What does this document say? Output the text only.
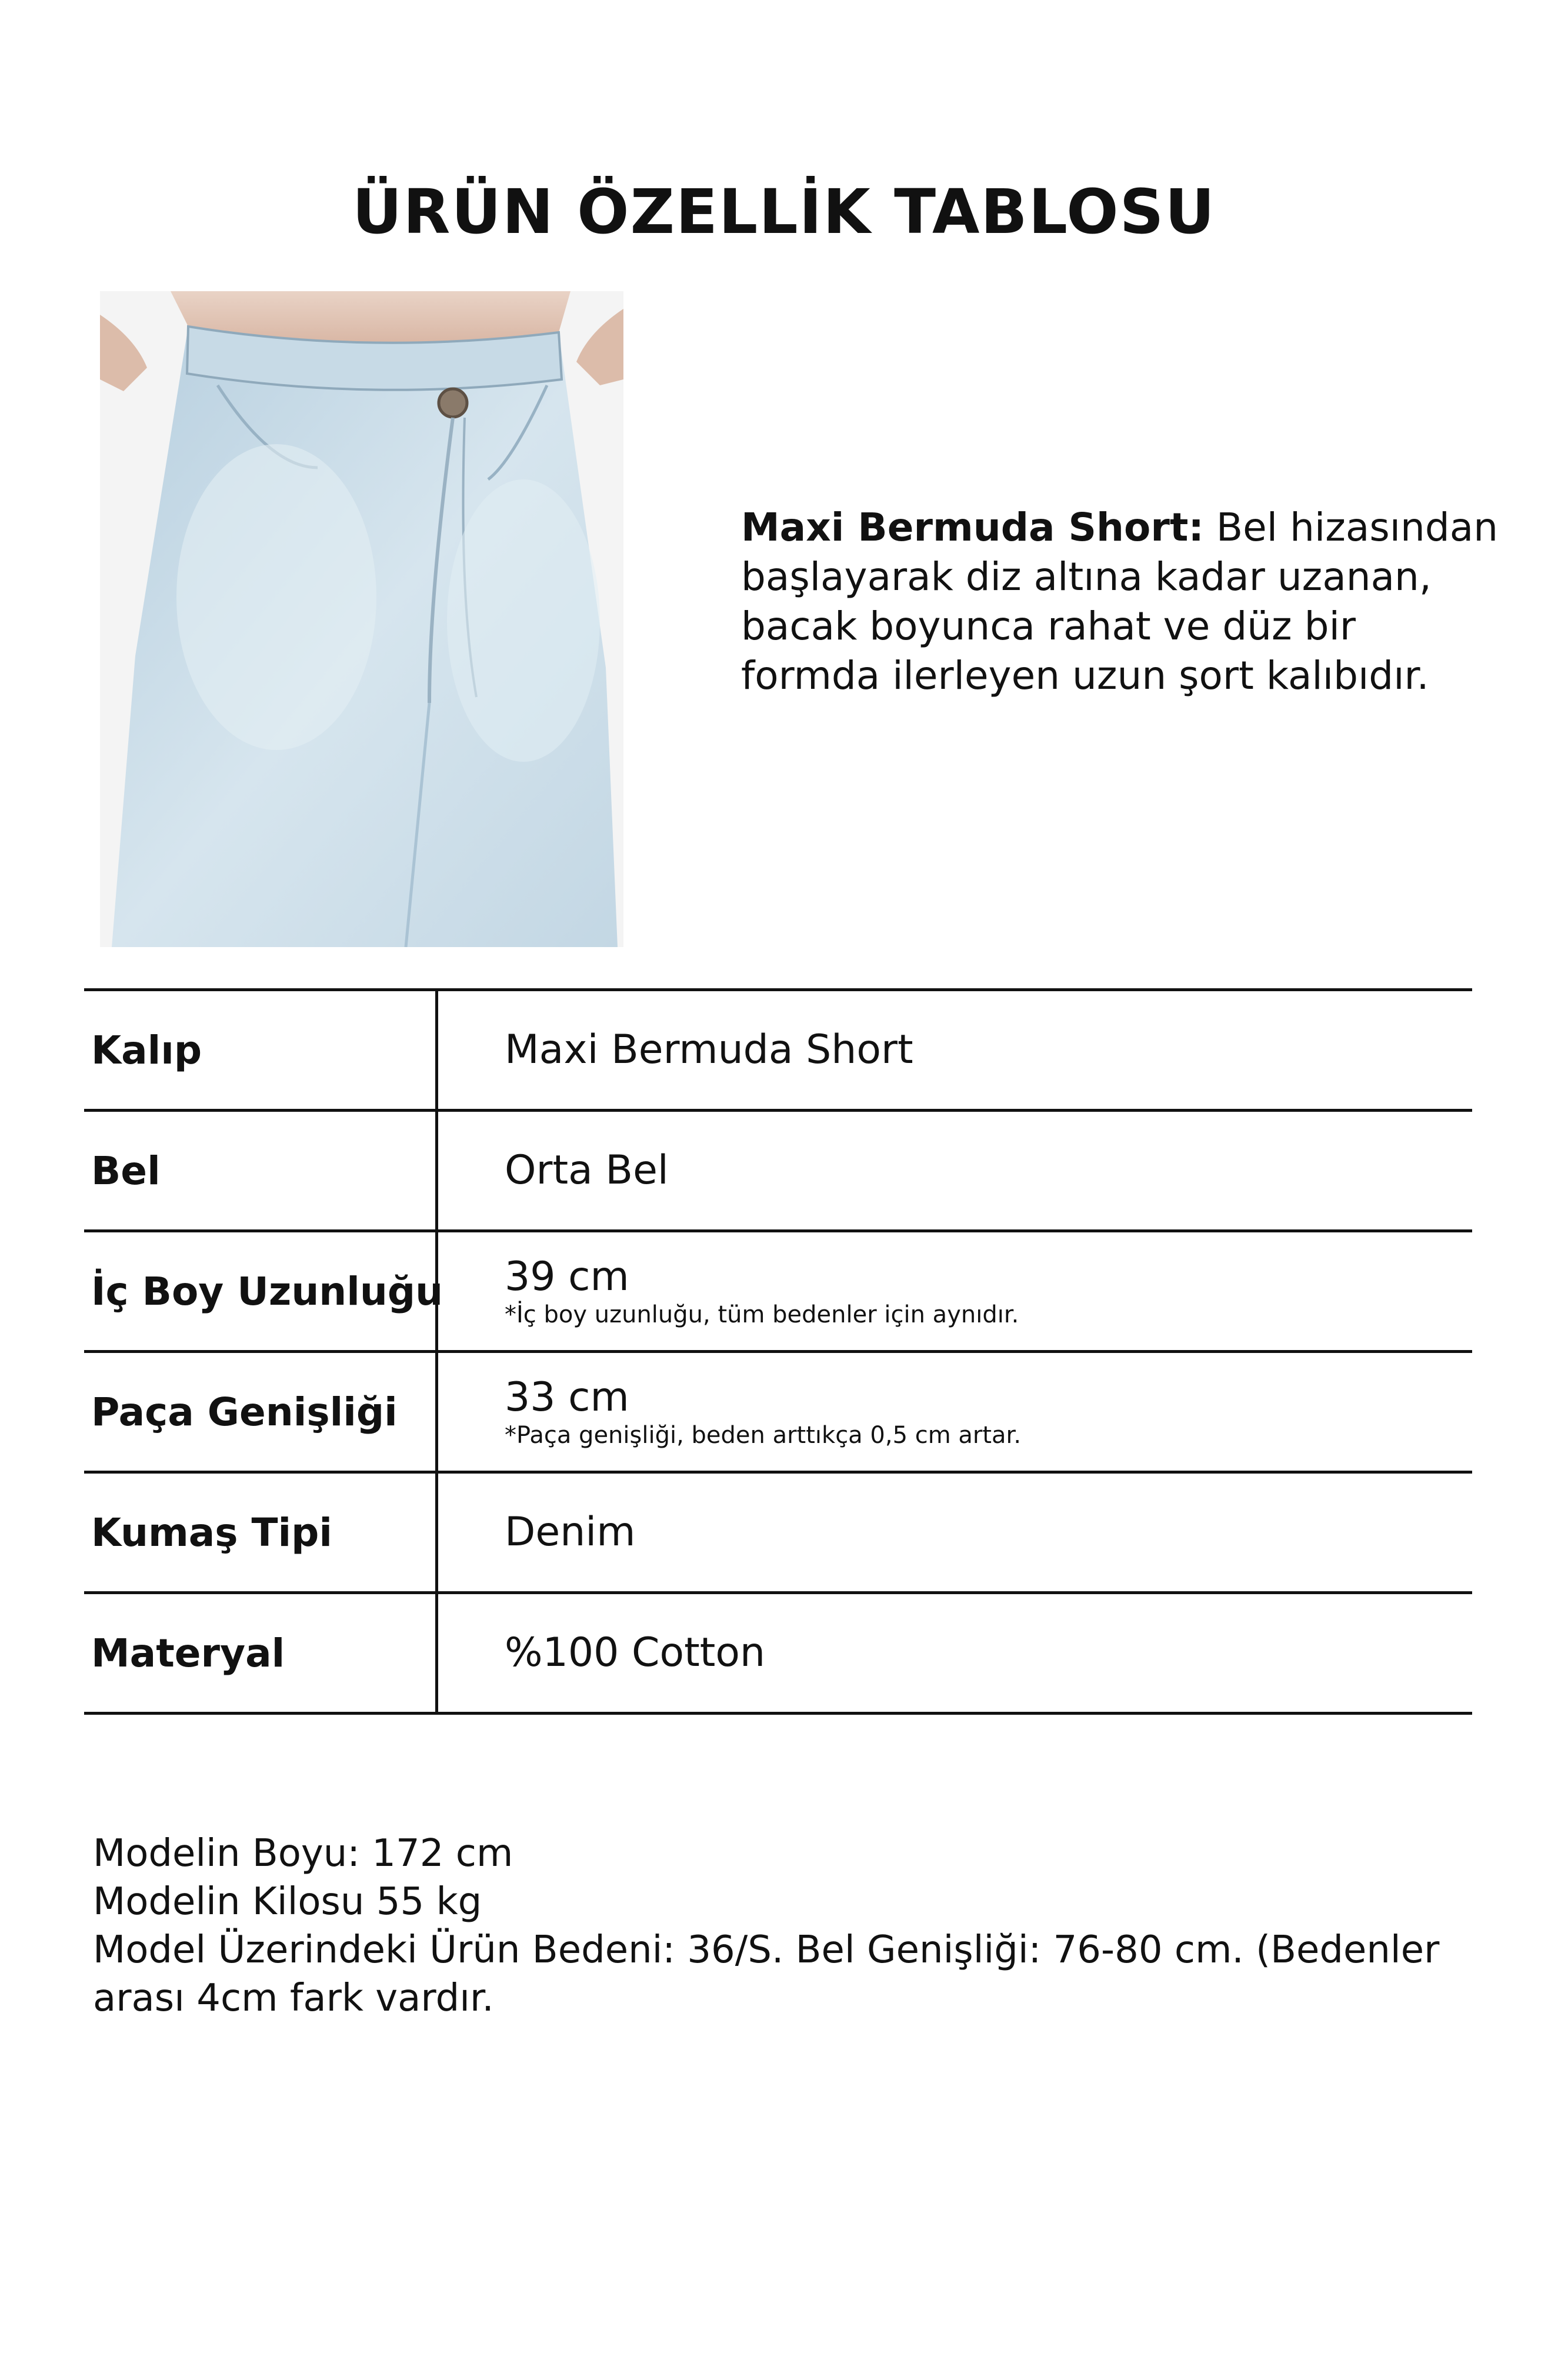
ÜRÜN ÖZELLİK TABLOSU
Maxi Bermuda Short: Bel hizasından başlayarak diz altına kadar uzanan, bacak boyunca rahat ve düz bir formda ilerleyen uzun şort kalıbıdır.
Kalıp	Maxi Bermuda Short
Bel	Orta Bel
İç Boy Uzunluğu 39 cm
*İç boy uzunluğu, tüm bedenler için aynıdır.
Paça Genişliği	33 cm
*Paça genişliği, beden arttıkça 0,5 cm artar.
Kumaş Tipi	Denim
Materyal	%100 Cotton
Modelin Boyu: 172 cm
Modelin Kilosu 55 kg
Model Üzerindeki Ürün Bedeni: 36/S. Bel Genişliği: 76-80 cm. (Bedenler arası 4cm fark vardır.
